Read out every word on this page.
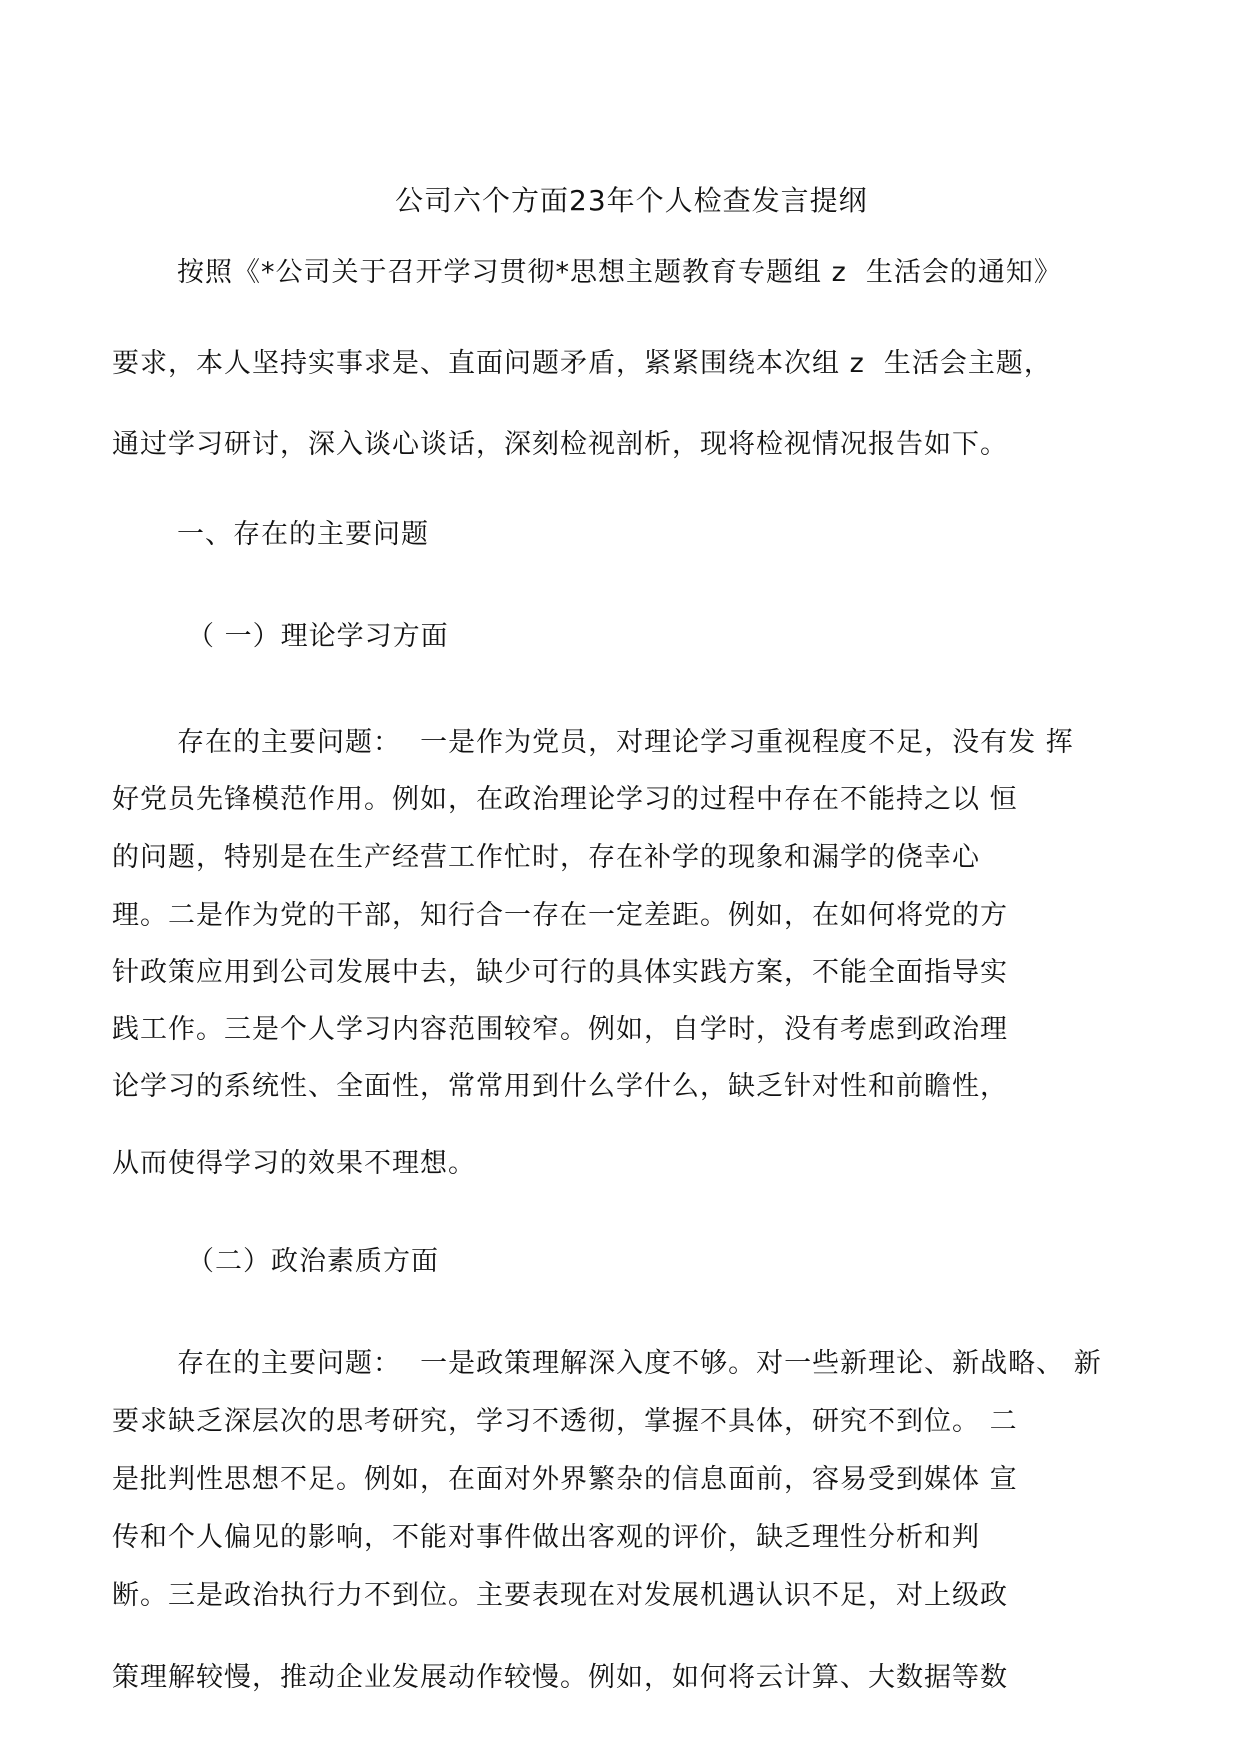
公司六个方面23年个人检查发言提纲
按照《*公司关于召开学习贯彻*思想主题教育专题组 z  生活会的通知》
要求，本人坚持实事求是、直面问题矛盾，紧紧围绕本次组 z  生活会主题，
通过学习研讨，深入谈心谈话，深刻检视剖析，现将检视情况报告如下。
一、存在的主要问题
（ 一）理论学习方面
存在的主要问题：  一是作为党员，对理论学习重视程度不足，没有发 挥
好党员先锋模范作用。例如，在政治理论学习的过程中存在不能持之以 恒
的问题，特别是在生产经营工作忙时，存在补学的现象和漏学的侥幸心
理。二是作为党的干部，知行合一存在一定差距。例如，在如何将党的方
针政策应用到公司发展中去，缺少可行的具体实践方案，不能全面指导实
践工作。三是个人学习内容范围较窄。例如，自学时，没有考虑到政治理
论学习的系统性、全面性，常常用到什么学什么，缺乏针对性和前瞻性，
从而使得学习的效果不理想。
（二）政治素质方面
存在的主要问题：  一是政策理解深入度不够。对一些新理论、新战略、 新
要求缺乏深层次的思考研究，学习不透彻，掌握不具体，研究不到位。 二
是批判性思想不足。例如，在面对外界繁杂的信息面前，容易受到媒体 宣
传和个人偏见的影响，不能对事件做出客观的评价，缺乏理性分析和判
断。三是政治执行力不到位。主要表现在对发展机遇认识不足，对上级政
策理解较慢，推动企业发展动作较慢。例如，如何将云计算、大数据等数
